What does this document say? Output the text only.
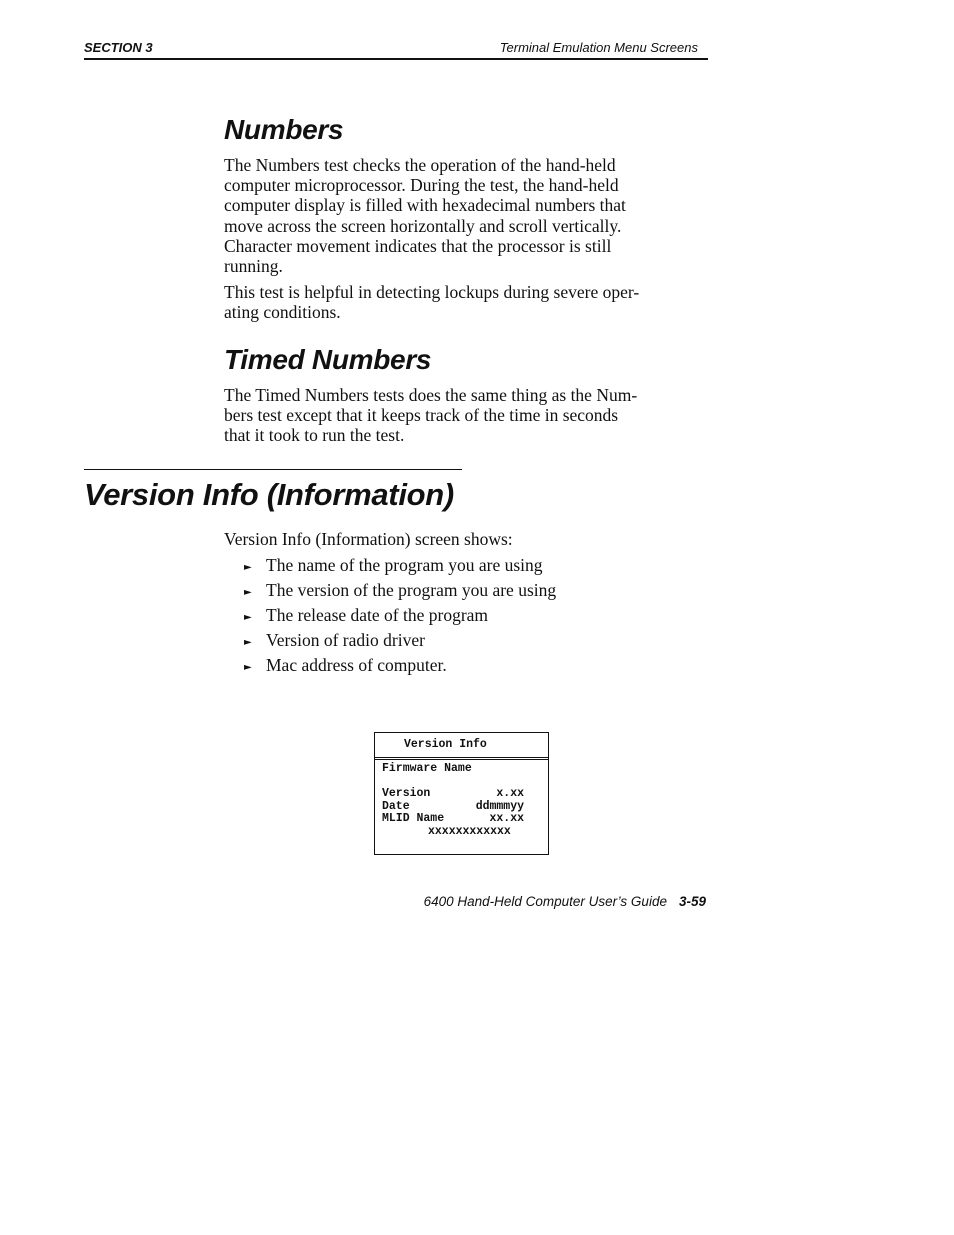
SECTION 3	Terminal Emulation Menu Screens
Numbers

The Numbers test checks the operation of the hand-held
computer microprocessor. During the test, the hand-held
computer display is filled with hexadecimal numbers that
move across the screen horizontally and scroll vertically.
Character movement indicates that the processor is still
running.

This test is helpful in detecting lockups during severe oper-
ating conditions.

Timed Numbers

The Timed Numbers tests does the same thing as the Num-
bers test except that it keeps track of the time in seconds
that it took to run the test.

Version Info (Information)

Version Info (Information) screen shows:

► The name of the program you are using
► The version of the program you are using
► The release date of the program
► Version of radio driver
► Mac address of computer.
Version Info
Firmware Name
Version	x.xx
Date	ddmmmyy
MLID Name	xx.xx
xxxxxxxxxxxx
6400 Hand-Held Computer User’s Guide 3-59
